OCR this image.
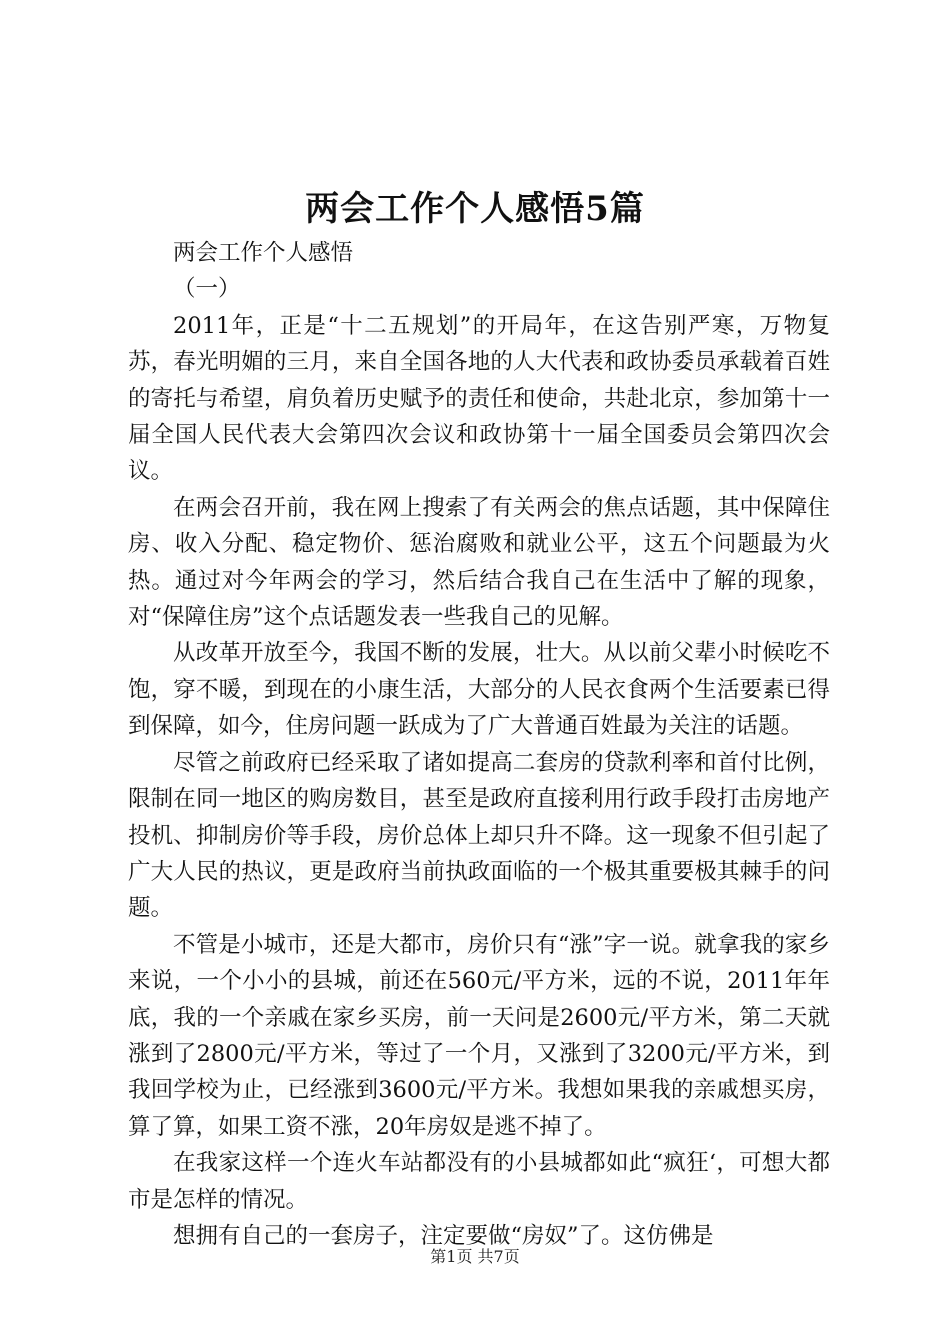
两会工作个人感悟5篇

两会工作个人感悟

（一）

2011年，正是“十二五规划”的开局年，在这告别严寒，万物复苏，春光明媚的三月，来自全国各地的人大代表和政协委员承载着百姓的寄托与希望，肩负着历史赋予的责任和使命，共赴北京，参加第十一届全国人民代表大会第四次会议和政协第十一届全国委员会第四次会议。

在两会召开前，我在网上搜索了有关两会的焦点话题，其中保障住房、收入分配、稳定物价、惩治腐败和就业公平，这五个问题最为火热。通过对今年两会的学习，然后结合我自己在生活中了解的现象，对“保障住房”这个点话题发表一些我自己的见解。

从改革开放至今，我国不断的发展，壮大。从以前父辈小时候吃不饱，穿不暖，到现在的小康生活，大部分的人民衣食两个生活要素已得到保障，如今，住房问题一跃成为了广大普通百姓最为关注的话题。

尽管之前政府已经采取了诸如提高二套房的贷款利率和首付比例，限制在同一地区的购房数目，甚至是政府直接利用行政手段打击房地产投机、抑制房价等手段，房价总体上却只升不降。这一现象不但引起了广大人民的热议，更是政府当前执政面临的一个极其重要极其棘手的问题。

不管是小城市，还是大都市，房价只有“涨”字一说。就拿我的家乡来说，一个小小的县城，前还在560元/平方米，远的不说，2011年年底，我的一个亲戚在家乡买房，前一天问是2600元/平方米，第二天就涨到了2800元/平方米，等过了一个月，又涨到了3200元/平方米，到我回学校为止，已经涨到3600元/平方米。我想如果我的亲戚想买房，算了算，如果工资不涨，20年房奴是逃不掉了。

在我家这样一个连火车站都没有的小县城都如此“疯狂‘，可想大都市是怎样的情况。

想拥有自己的一套房子，注定要做“房奴”了。这仿佛是

第1页 共7页
